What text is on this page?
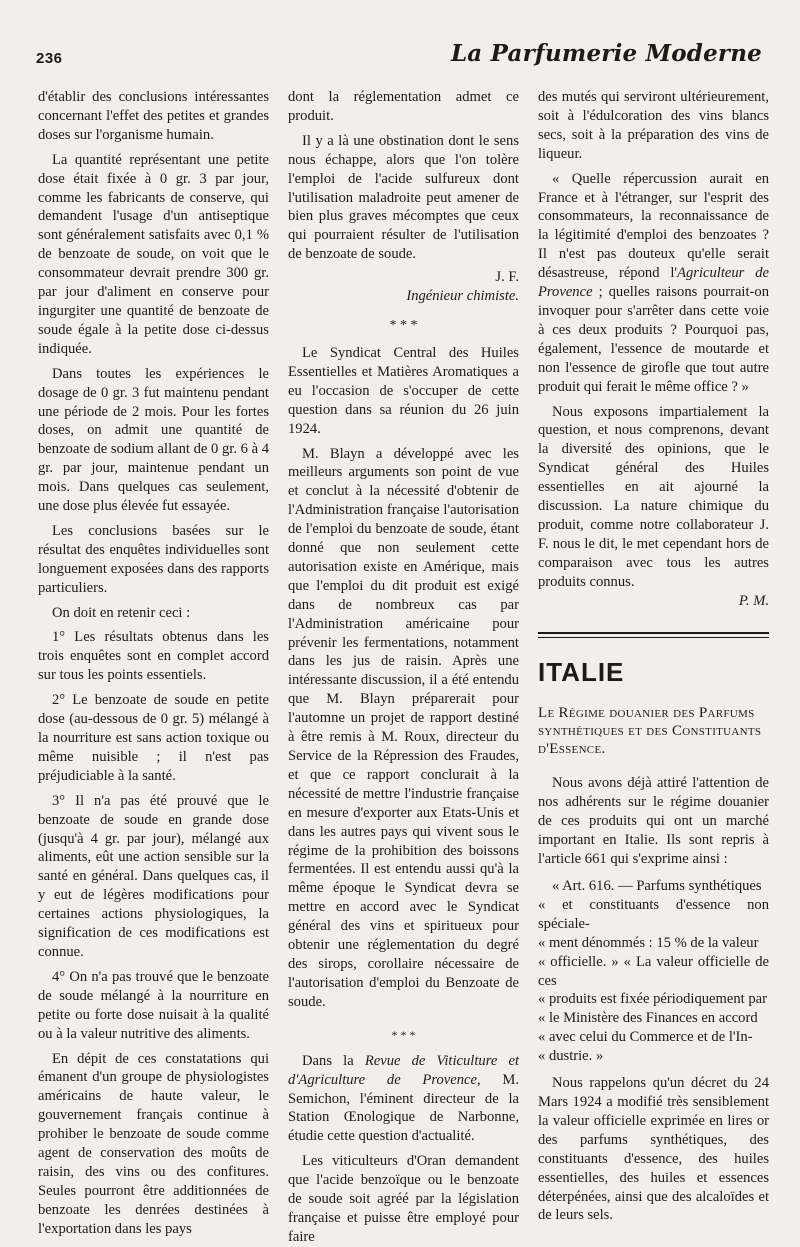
236	La Parfumerie Moderne

d'établir des conclusions intéressantes concernant l'effet des petites et grandes doses sur l'organisme humain.

La quantité représentant une petite dose était fixée à 0 gr. 3 par jour, comme les fabricants de conserve, qui demandent l'usage d'un antiseptique sont généralement satisfaits avec 0,1 % de benzoate de soude, on voit que le consommateur devrait prendre 300 gr. par jour d'aliment en conserve pour ingurgiter une quantité de benzoate de soude égale à la petite dose ci-dessus indiquée.

Dans toutes les expériences le dosage de 0 gr. 3 fut maintenu pendant une période de 2 mois. Pour les fortes doses, on admit une quantité de benzoate de sodium allant de 0 gr. 6 à 4 gr. par jour, maintenue pendant un mois. Dans quelques cas seulement, une dose plus élevée fut essayée.

Les conclusions basées sur le résultat des enquêtes individuelles sont longuement exposées dans des rapports particuliers.

On doit en retenir ceci :

1° Les résultats obtenus dans les trois enquêtes sont en complet accord sur tous les points essentiels.

2° Le benzoate de soude en petite dose (au-dessous de 0 gr. 5) mélangé à la nourriture est sans action toxique ou même nuisible ; il n'est pas préjudiciable à la santé.

3° Il n'a pas été prouvé que le benzoate de soude en grande dose (jusqu'à 4 gr. par jour), mélangé aux aliments, eût une action sensible sur la santé en général. Dans quelques cas, il y eut de légères modifications pour certaines actions physiologiques, la signification de ces modifications est connue.

4° On n'a pas trouvé que le benzoate de soude mélangé à la nourriture en petite ou forte dose nuisait à la qualité ou à la valeur nutritive des aliments.

En dépit de ces constatations qui émanent d'un groupe de physiologistes américains de haute valeur, le gouvernement français continue à prohiber le benzoate de soude comme agent de conservation des moûts de raisin, des vins ou des confitures. Seules pourront être additionnées de benzoate les denrées destinées à l'exportation dans les pays

dont la réglementation admet ce produit.

Il y a là une obstination dont le sens nous échappe, alors que l'on tolère l'emploi de l'acide sulfureux dont l'utilisation maladroite peut amener de bien plus graves mécomptes que ceux qui pourraient résulter de l'utilisation de benzoate de soude.

J. F.
Ingénieur chimiste.
* * *

Le Syndicat Central des Huiles Essentielles et Matières Aromatiques a eu l'occasion de s'occuper de cette question dans sa réunion du 26 juin 1924.

M. Blayn a développé avec les meilleurs arguments son point de vue et conclut à la nécessité d'obtenir de l'Administration française l'autorisation de l'emploi du benzoate de soude, étant donné que non seulement cette autorisation existe en Amérique, mais que l'emploi du dit produit est exigé dans de nombreux cas par l'Administration américaine pour prévenir les fermentations, notamment dans les jus de raisin. Après une intéressante discussion, il a été entendu que M. Blayn préparerait pour l'automne un projet de rapport destiné à être remis à M. Roux, directeur du Service de la Répression des Fraudes, et que ce rapport conclurait à la nécessité de mettre l'industrie française en mesure d'exporter aux Etats-Unis et dans les autres pays qui vivent sous le régime de la prohibition des boissons fermentées. Il est entendu aussi qu'à la même époque le Syndicat devra se mettre en accord avec le Syndicat général des vins et spiritueux pour obtenir une réglementation du degré des sirops, corollaire nécessaire de l'autorisation d'emploi du Benzoate de soude.

* * *

Dans la Revue de Viticulture et d'Agriculture de Provence, M. Semichon, l'éminent directeur de la Station Œnologique de Narbonne, étudie cette question d'actualité.

Les viticulteurs d'Oran demandent que l'acide benzoïque ou le benzoate de soude soit agréé par la législation française et puisse être employé pour faire

des mutés qui serviront ultérieurement, soit à l'édulcoration des vins blancs secs, soit à la préparation des vins de liqueur.

« Quelle répercussion aurait en France et à l'étranger, sur l'esprit des consommateurs, la reconnaissance de la légitimité d'emploi des benzoates ? Il n'est pas douteux qu'elle serait désastreuse, répond l'Agriculteur de Provence ; quelles raisons pourrait-on invoquer pour s'arrêter dans cette voie à ces deux produits ? Pourquoi pas, également, l'essence de moutarde et non l'essence de girofle que tout autre produit qui ferait le même office ? »

Nous exposons impartialement la question, et nous comprenons, devant la diversité des opinions, que le Syndicat général des Huiles essentielles en ait ajourné la discussion. La nature chimique du produit, comme notre collaborateur J. F. nous le dit, le met cependant hors de comparaison avec tous les autres produits connus.

P. M.
ITALIE
Le Régime douanier des Parfums synthétiques et des Constituants d'Essence.

Nous avons déjà attiré l'attention de nos adhérents sur le régime douanier de ces produits qui ont un marché important en Italie. Ils sont repris à l'article 661 qui s'exprime ainsi :

« Art. 616. — Parfums synthétiques

« et constituants d'essence non spéciale-

« ment dénommés : 15 % de la valeur

« officielle. » « La valeur officielle de ces

« produits est fixée périodiquement par

« le Ministère des Finances en accord

« avec celui du Commerce et de l'In-

« dustrie. »

Nous rappelons qu'un décret du 24 Mars 1924 a modifié très sensiblement la valeur officielle exprimée en lires or des parfums synthétiques, des constituants d'essence, des huiles essentielles, des huiles et essences déterpénées, ainsi que des alcaloïdes et de leurs sels.
